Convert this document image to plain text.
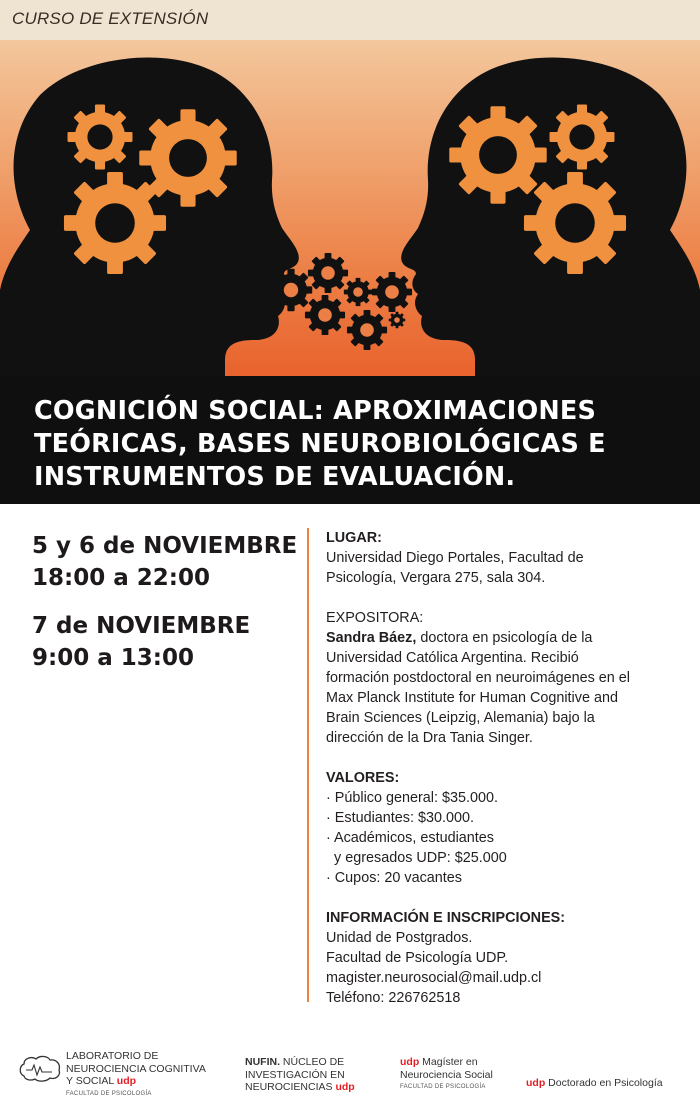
CURSO DE EXTENSIÓN
COGNICIÓN SOCIAL: APROXIMACIONES
TEÓRICAS, BASES NEUROBIOLÓGICAS E
INSTRUMENTOS DE EVALUACIÓN.
5 y 6 de NOVIEMBRE
18:00 a 22:00
7 de NOVIEMBRE
9:00 a 13:00
LUGAR:
Universidad Diego Portales, Facultad de
Psicología, Vergara 275, sala 304.
EXPOSITORA:
Sandra Báez, doctora en psicología de la
Universidad Católica Argentina. Recibió
formación postdoctoral en neuroimágenes en el
Max Planck Institute for Human Cognitive and
Brain Sciences (Leipzig, Alemania) bajo la
dirección de la Dra Tania Singer.
VALORES:
· Público general: $35.000.
· Estudiantes: $30.000.
· Académicos, estudiantes
y egresados UDP: $25.000
· Cupos: 20 vacantes
INFORMACIÓN E INSCRIPCIONES:
Unidad de Postgrados.
Facultad de Psicología UDP.
magister.neurosocial@mail.udp.cl
Teléfono: 226762518
LABORATORIO DE
NEUROCIENCIA COGNITIVA
Y SOCIAL udp
FACULTAD DE PSICOLOGÍA
NUFIN. NÚCLEO DE
INVESTIGACIÓN EN
NEUROCIENCIAS udp
udp Magíster en
Neurociencia Social
FACULTAD DE PSICOLOGÍA	udp Doctorado en Psicología
